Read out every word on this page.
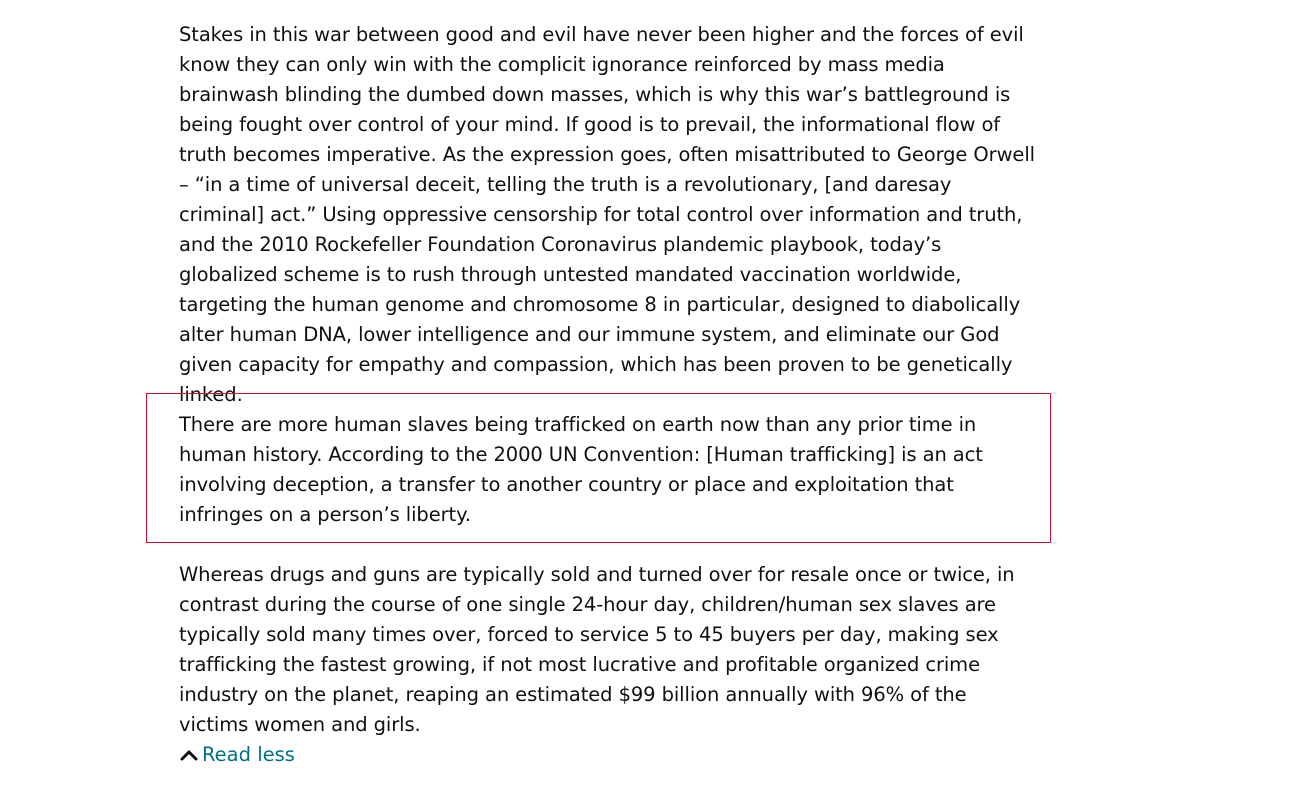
Stakes in this war between good and evil have never been higher and the forces of evil know they can only win with the complicit ignorance reinforced by mass media brainwash blinding the dumbed down masses, which is why this war’s battleground is being fought over control of your mind. If good is to prevail, the informational flow of truth becomes imperative. As the expression goes, often misattributed to George Orwell – “in a time of universal deceit, telling the truth is a revolutionary, [and daresay criminal] act.” Using oppressive censorship for total control over information and truth, and the 2010 Rockefeller Foundation Coronavirus plandemic playbook, today’s globalized scheme is to rush through untested mandated vaccination worldwide, targeting the human genome and chromosome 8 in particular, designed to diabolically alter human DNA, lower intelligence and our immune system, and eliminate our God given capacity for empathy and compassion, which has been proven to be genetically linked.

There are more human slaves being trafficked on earth now than any prior time in human history. According to the 2000 UN Convention: [Human trafficking] is an act involving deception, a transfer to another country or place and exploitation that infringes on a person’s liberty.

Whereas drugs and guns are typically sold and turned over for resale once or twice, in contrast during the course of one single 24-hour day, children/human sex slaves are typically sold many times over, forced to service 5 to 45 buyers per day, making sex trafficking the fastest growing, if not most lucrative and profitable organized crime industry on the planet, reaping an estimated $99 billion annually with 96% of the victims women and girls.

Read less
